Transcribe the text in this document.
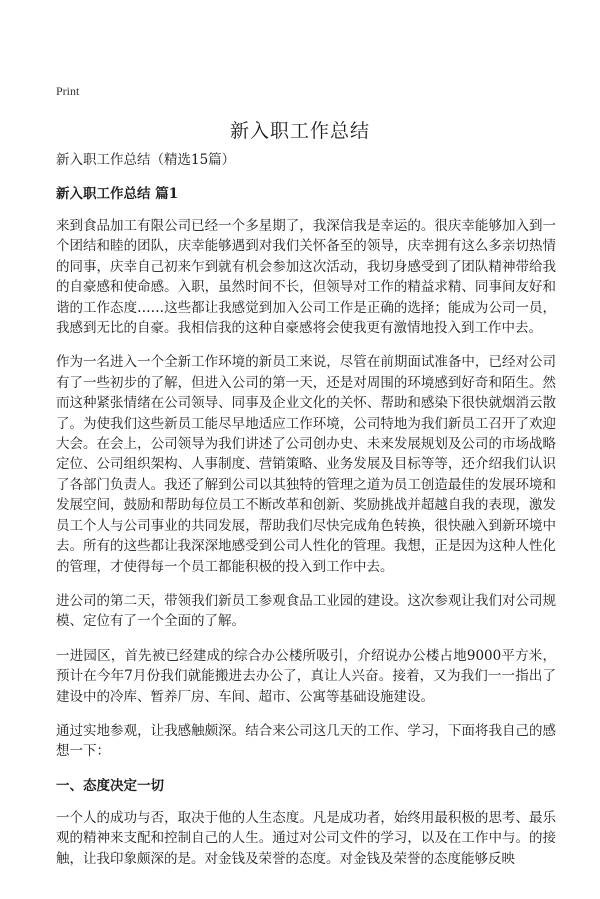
Print
新入职工作总结

新入职工作总结（精选15篇）

新入职工作总结 篇1

来到食品加工有限公司已经一个多星期了，我深信我是幸运的。很庆幸能够加入到一个团结和睦的团队，庆幸能够遇到对我们关怀备至的领导，庆幸拥有这么多亲切热情的同事，庆幸自己初来乍到就有机会参加这次活动，我切身感受到了团队精神带给我的自豪感和使命感。入职，虽然时间不长，但领导对工作的精益求精、同事间友好和谐的工作态度……这些都让我感觉到加入公司工作是正确的选择；能成为公司一员，我感到无比的自豪。我相信我的这种自豪感将会使我更有激情地投入到工作中去。

作为一名进入一个全新工作环境的新员工来说，尽管在前期面试准备中，已经对公司有了一些初步的了解，但进入公司的第一天，还是对周围的环境感到好奇和陌生。然而这种紧张情绪在公司领导、同事及企业文化的关怀、帮助和感染下很快就烟消云散了。为使我们这些新员工能尽早地适应工作环境，公司特地为我们新员工召开了欢迎大会。在会上，公司领导为我们讲述了公司创办史、未来发展规划及公司的市场战略定位、公司组织架构、人事制度、营销策略、业务发展及目标等等，还介绍我们认识了各部门负责人。我还了解到公司以其独特的管理之道为员工创造最佳的发展环境和发展空间，鼓励和帮助每位员工不断改革和创新、奖励挑战并超越自我的表现，激发员工个人与公司事业的共同发展，帮助我们尽快完成角色转换，很快融入到新环境中去。所有的这些都让我深深地感受到公司人性化的管理。我想，正是因为这种人性化的管理，才使得每一个员工都能积极的投入到工作中去。

进公司的第二天，带领我们新员工参观食品工业园的建设。这次参观让我们对公司规模、定位有了一个全面的了解。

一进园区，首先被已经建成的综合办公楼所吸引，介绍说办公楼占地9000平方米，预计在今年7月份我们就能搬进去办公了，真让人兴奋。接着，又为我们一一指出了建设中的冷库、暂养厂房、车间、超市、公寓等基础设施建设。

通过实地参观，让我感触颇深。结合来公司这几天的工作、学习，下面将我自己的感想一下：

一、态度决定一切

一个人的成功与否，取决于他的人生态度。凡是成功者，始终用最积极的思考、最乐观的精神来支配和控制自己的人生。通过对公司文件的学习，以及在工作中与。的接触，让我印象颇深的是。对金钱及荣誉的态度。对金钱及荣誉的态度能够反映
